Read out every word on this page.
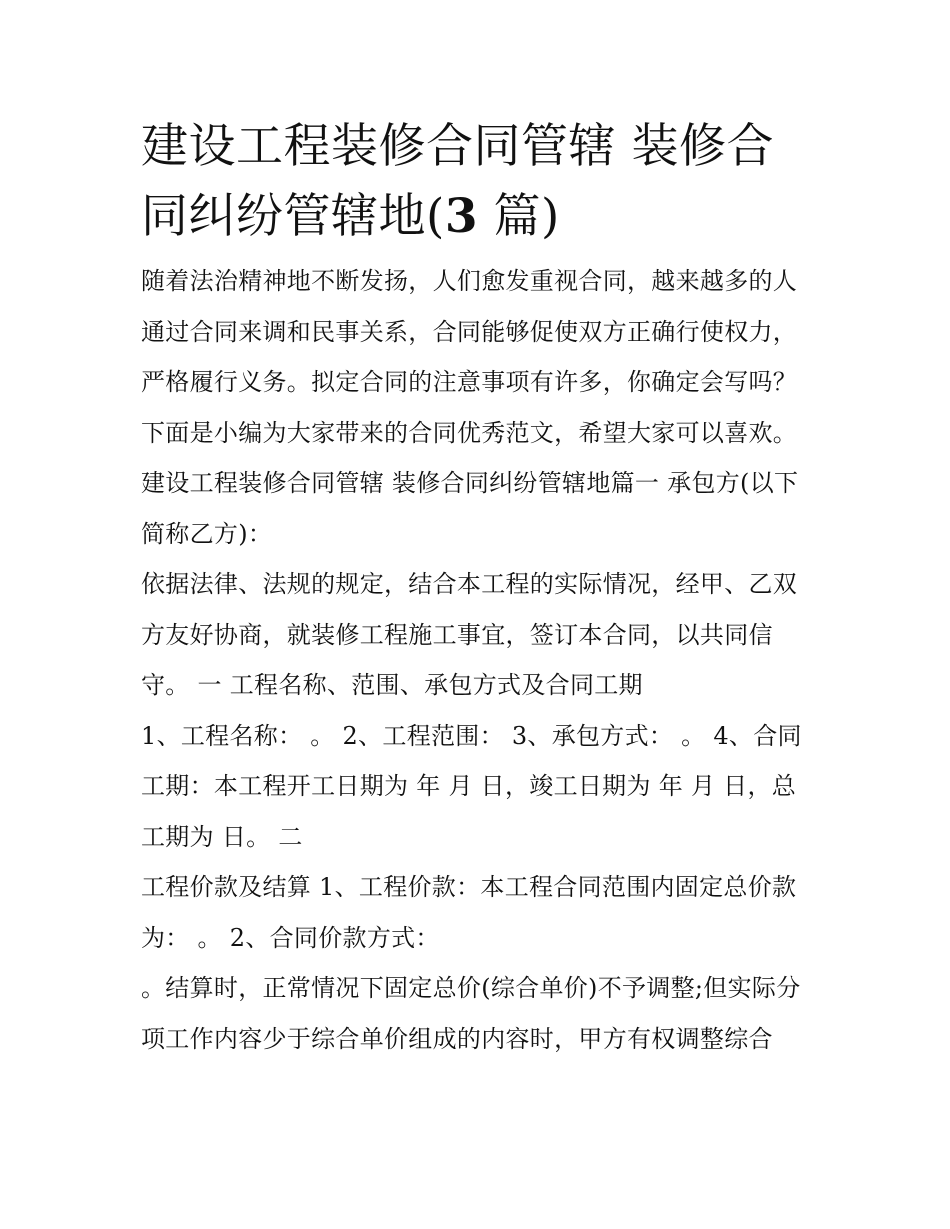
建设工程装修合同管辖 装修合
同纠纷管辖地(3 篇)

随着法治精神地不断发扬，人们愈发重视合同，越来越多的人通过合同来调和民事关系，合同能够促使双方正确行使权力，严格履行义务。拟定合同的注意事项有许多，你确定会写吗？下面是小编为大家带来的合同优秀范文，希望大家可以喜欢。

建设工程装修合同管辖 装修合同纠纷管辖地篇一 承包方(以下简称乙方)：

依据法律、法规的规定，结合本工程的实际情况，经甲、乙双方友好协商，就装修工程施工事宜，签订本合同，以共同信守。 一 工程名称、范围、承包方式及合同工期

1、工程名称： 。 2、工程范围： 3、承包方式： 。 4、合同工期：本工程开工日期为 年 月 日，竣工日期为 年 月 日，总工期为 日。 二

工程价款及结算 1、工程价款：本工程合同范围内固定总价款为： 。 2、合同价款方式：

。结算时，正常情况下固定总价(综合单价)不予调整;但实际分项工作内容少于综合单价组成的内容时，甲方有权调整综合
